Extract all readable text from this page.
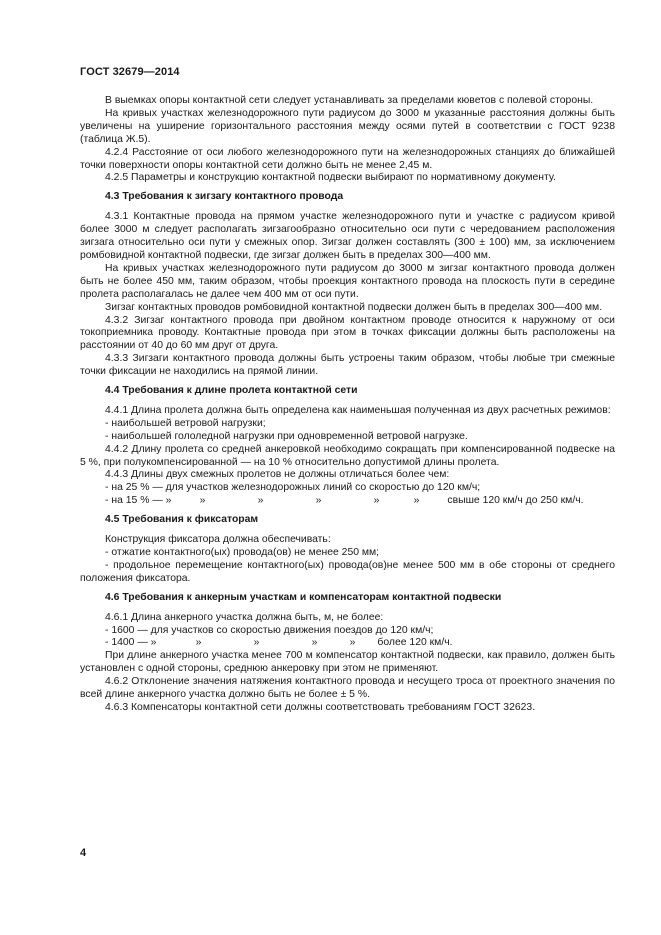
ГОСТ 32679—2014

В выемках опоры контактной сети следует устанавливать за пределами кюветов с полевой стороны.

На кривых участках железнодорожного пути радиусом до 3000 м указанные расстояния должны быть увеличены на уширение горизонтального расстояния между осями путей в соответствии с ГОСТ 9238 (таблица Ж.5).

4.2.4 Расстояние от оси любого железнодорожного пути на железнодорожных станциях до ближайшей точки поверхности опоры контактной сети должно быть не менее 2,45 м.

4.2.5 Параметры и конструкцию контактной подвески выбирают по нормативному документу.

4.3 Требования к зигзагу контактного провода

4.3.1 Контактные провода на прямом участке железнодорожного пути и участке с радиусом кривой более 3000 м следует располагать зигзагообразно относительно оси пути с чередованием расположения зигзага относительно оси пути у смежных опор. Зигзаг должен составлять (300 ± 100) мм, за исключением ромбовидной контактной подвески, где зигзаг должен быть в пределах 300—400 мм.

На кривых участках железнодорожного пути радиусом до 3000 м зигзаг контактного провода должен быть не более 450 мм, таким образом, чтобы проекция контактного провода на плоскость пути в середине пролета располагалась не далее чем 400 мм от оси пути.

Зигзаг контактных проводов ромбовидной контактной подвески должен быть в пределах 300—400 мм.

4.3.2 Зигзаг контактного провода при двойном контактном проводе относится к наружному от оси токоприемника проводу. Контактные провода при этом в точках фиксации должны быть расположены на расстоянии от 40 до 60 мм друг от друга.

4.3.3 Зигзаги контактного провода должны быть устроены таким образом, чтобы любые три смежные точки фиксации не находились на прямой линии.

4.4 Требования к длине пролета контактной сети

4.4.1 Длина пролета должна быть определена как наименьшая полученная из двух расчетных режимов:

- наибольшей ветровой нагрузки;

- наибольшей гололедной нагрузки при одновременной ветровой нагрузке.

4.4.2 Длину пролета со средней анкеровкой необходимо сокращать при компенсированной подвеске на 5 %, при полукомпенсированной — на 10 % относительно допустимой длины пролета.

4.4.3 Длины двух смежных пролетов не должны отличаться более чем:

- на 25 % — для участков железнодорожных линий со скоростью до 120 км/ч;

- на 15 % — »	»	»	»	»	»	свыше 120 км/ч до 250 км/ч.

4.5 Требования к фиксаторам

Конструкция фиксатора должна обеспечивать:

- отжатие контактного(ых) провода(ов) не менее 250 мм;

- продольное перемещение контактного(ых) провода(ов)не менее 500 мм в обе стороны от среднего положения фиксатора.

4.6 Требования к анкерным участкам и компенсаторам контактной подвески

4.6.1 Длина анкерного участка должна быть, м, не более:

- 1600 — для участков со скоростью движения поездов до 120 км/ч;

- 1400 — »	»	»	»	» более 120 км/ч.

При длине анкерного участка менее 700 м компенсатор контактной подвески, как правило, должен быть установлен с одной стороны, среднюю анкеровку при этом не применяют.

4.6.2 Отклонение значения натяжения контактного провода и несущего троса от проектного значения по всей длине анкерного участка должно быть не более ± 5 %.

4.6.3 Компенсаторы контактной сети должны соответствовать требованиям ГОСТ 32623.

4
